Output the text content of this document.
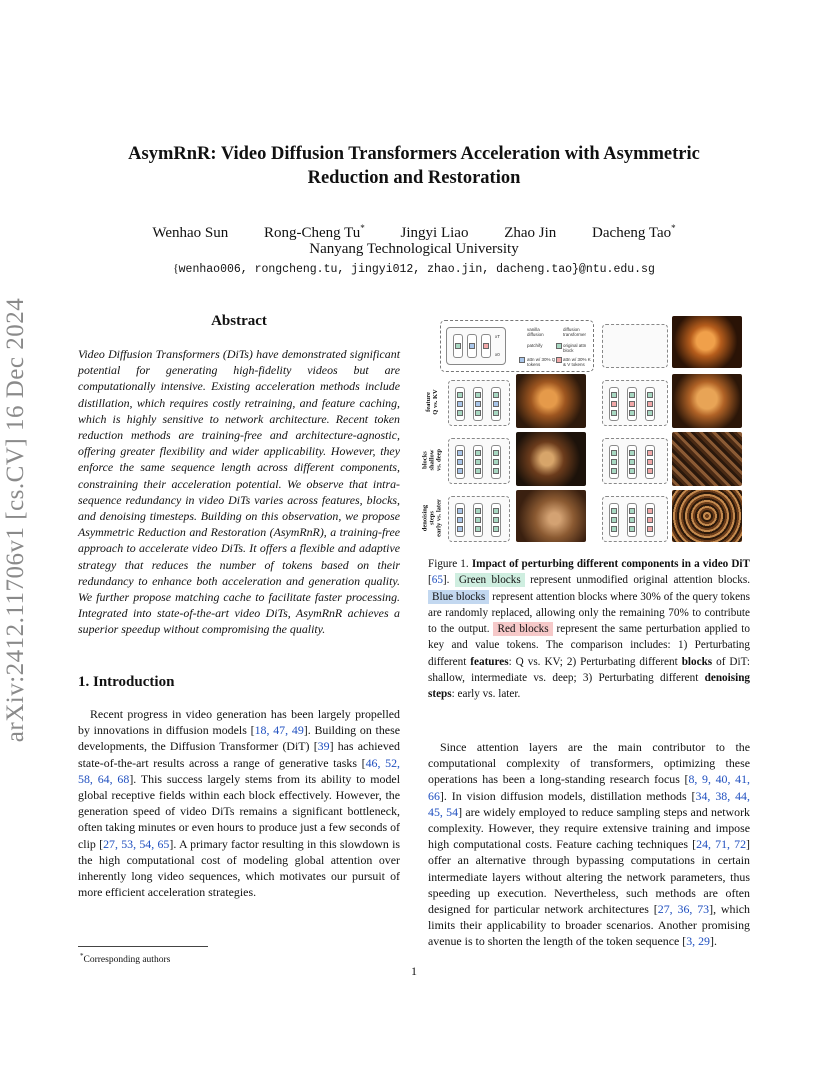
arXiv:2412.11706v1 [cs.CV] 16 Dec 2024
AsymRnR: Video Diffusion Transformers Acceleration with Asymmetric
Reduction and Restoration
Wenhao Sun Rong-Cheng Tu* Jingyi Liao Zhao Jin Dacheng Tao*
Nanyang Technological University
{wenhao006, rongcheng.tu, jingyi012, zhao.jin, dacheng.tao}@ntu.edu.sg
Abstract
Video Diffusion Transformers (DiTs) have demonstrated significant potential for generating high-fidelity videos but are computationally intensive. Existing acceleration methods include distillation, which requires costly retraining, and feature caching, which is highly sensitive to network architecture. Recent token reduction methods are training-free and architecture-agnostic, offering greater flexibility and wider applicability. However, they enforce the same sequence length across different components, constraining their acceleration potential. We observe that intra-sequence redundancy in video DiTs varies across features, blocks, and denoising timesteps. Building on this observation, we propose Asymmetric Reduction and Restoration (AsymRnR), a training-free approach to accelerate video DiTs. It offers a flexible and adaptive strategy that reduces the number of tokens based on their redundancy to enhance both acceleration and generation quality. We further propose matching cache to facilitate faster processing. Integrated into state-of-the-art video DiTs, AsymRnR achieves a superior speedup without compromising the quality.
1. Introduction
Recent progress in video generation has been largely propelled by innovations in diffusion models [18, 47, 49]. Building on these developments, the Diffusion Transformer (DiT) [39] has achieved state-of-the-art results across a range of generative tasks [46, 52, 58, 64, 68]. This success largely stems from its ability to model global receptive fields within each block effectively. However, the generation speed of video DiTs remains a significant bottleneck, often taking minutes or even hours to produce just a few seconds of clip [27, 53, 54, 65]. A primary factor resulting in this slowdown is the high computational cost of modeling global attention over inherently long video sequences, which motivates our pursuit of more efficient acceleration strategies.
Since attention layers are the main contributor to the computational complexity of transformers, optimizing these operations has been a long-standing research focus [8, 9, 40, 41, 66]. In vision diffusion models, distillation methods [34, 38, 44, 45, 54] are widely employed to reduce sampling steps and network complexity. However, they require extensive training and impose high computational costs. Feature caching techniques [24, 71, 72] offer an alternative through bypassing computations in certain intermediate layers without altering the network parameters, thus speeding up execution. Nevertheless, such methods are often designed for particular network architectures [27, 36, 73], which limits their applicability to broader scenarios. Another promising avenue is to shorten the length of the token sequence [3, 29].
xT
x0
vanilla diffusion
diffusion transformer
patchify	original attn block
attn w/ 30% Q tokens
attn w/ 30% K & V tokens
feature
Q vs. KV
blocks
shallow
vs. deep
denoising
steps
early vs. later
Figure 1. Impact of perturbing different components in a video DiT [65]. Green blocks represent unmodified original attention blocks. Blue blocks represent attention blocks where 30% of the query tokens are randomly replaced, allowing only the remaining 70% to contribute to the output. Red blocks represent the same perturbation applied to key and value tokens. The comparison includes: 1) Perturbating different features: Q vs. KV; 2) Perturbating different blocks of DiT: shallow, intermediate vs. deep; 3) Perturbating different denoising steps: early vs. later.
*Corresponding authors
1
